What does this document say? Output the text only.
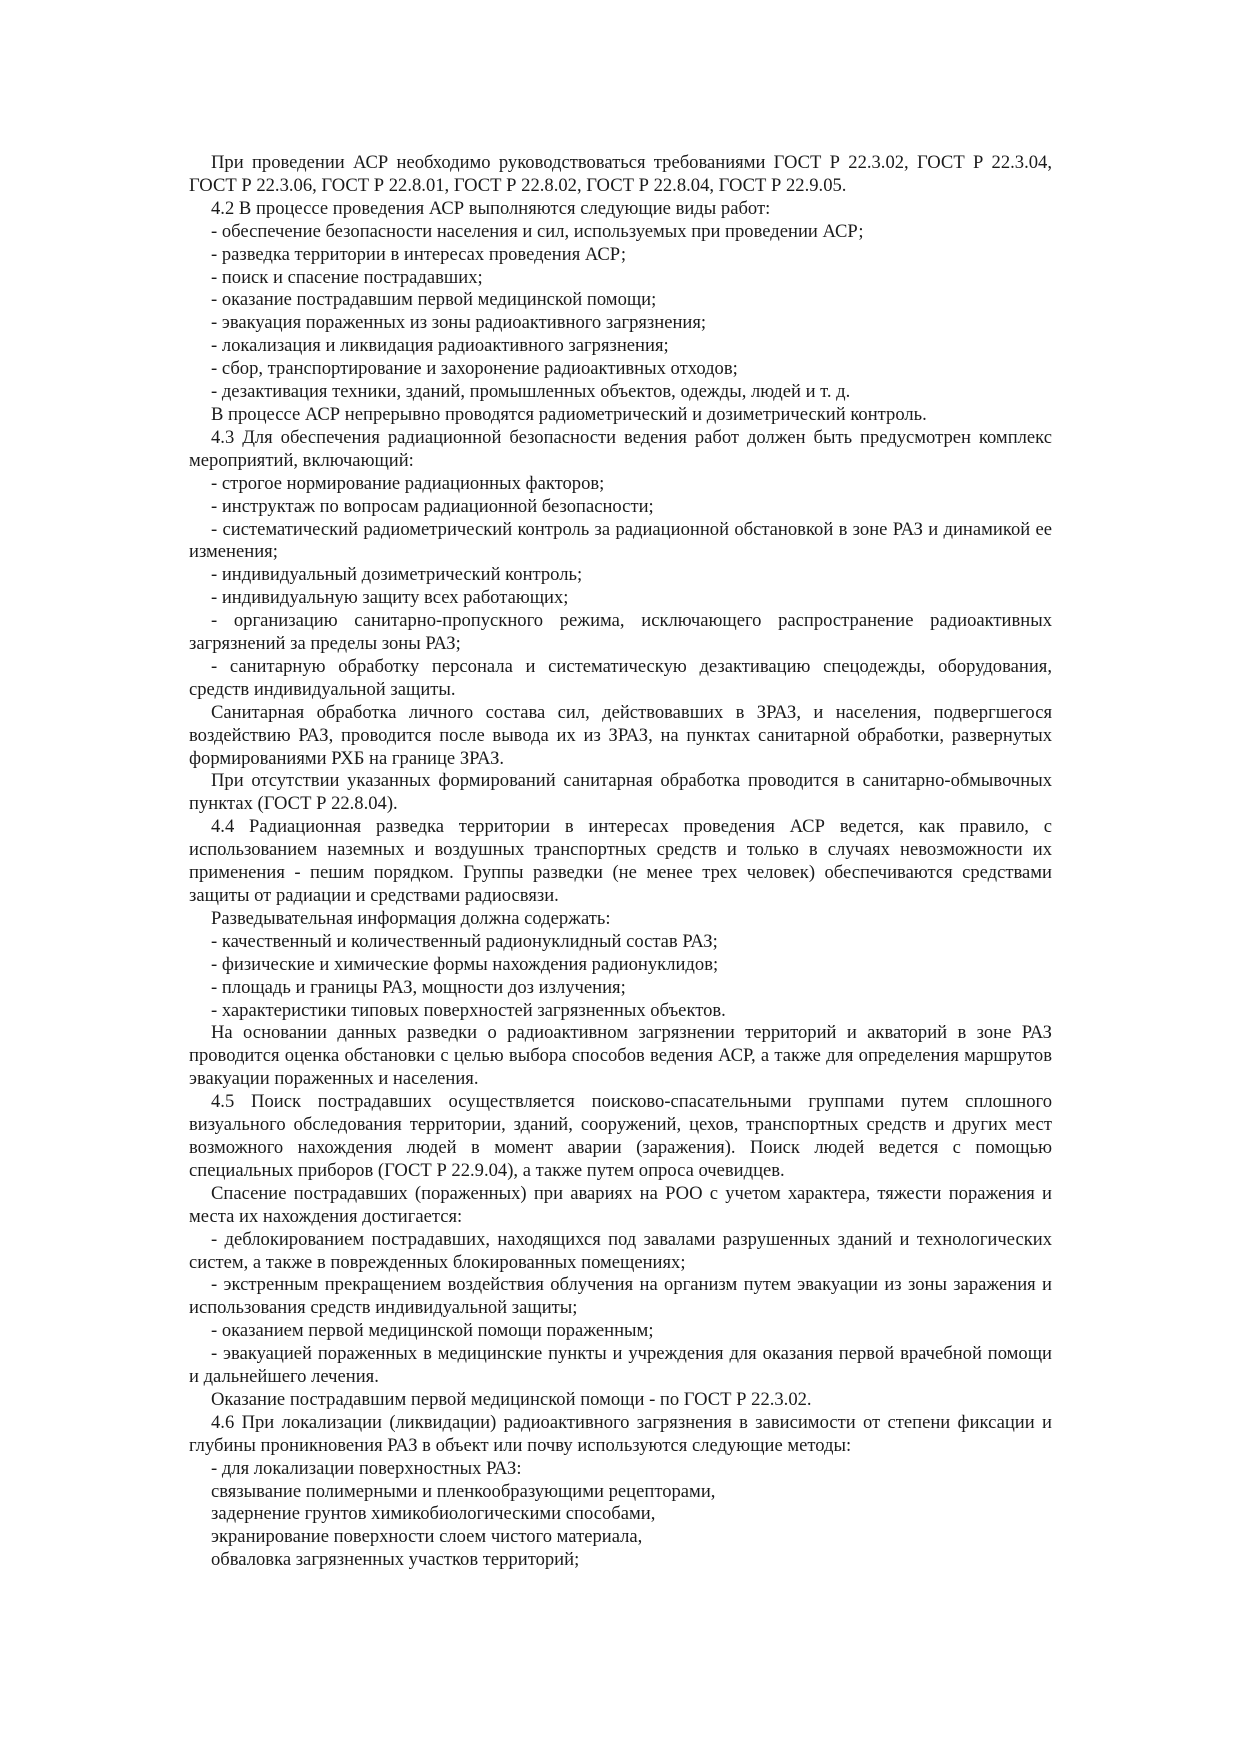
При проведении АСР необходимо руководствоваться требованиями ГОСТ Р 22.3.02, ГОСТ Р 22.3.04, ГОСТ Р 22.3.06, ГОСТ Р 22.8.01, ГОСТ Р 22.8.02, ГОСТ Р 22.8.04, ГОСТ Р 22.9.05.

4.2 В процессе проведения АСР выполняются следующие виды работ:

- обеспечение безопасности населения и сил, используемых при проведении АСР;

- разведка территории в интересах проведения АСР;

- поиск и спасение пострадавших;

- оказание пострадавшим первой медицинской помощи;

- эвакуация пораженных из зоны радиоактивного загрязнения;

- локализация и ликвидация радиоактивного загрязнения;

- сбор, транспортирование и захоронение радиоактивных отходов;

- дезактивация техники, зданий, промышленных объектов, одежды, людей и т. д.

В процессе АСР непрерывно проводятся радиометрический и дозиметрический контроль.

4.3 Для обеспечения радиационной безопасности ведения работ должен быть предусмотрен комплекс мероприятий, включающий:

- строгое нормирование радиационных факторов;

- инструктаж по вопросам радиационной безопасности;

- систематический радиометрический контроль за радиационной обстановкой в зоне РАЗ и динамикой ее изменения;

- индивидуальный дозиметрический контроль;

- индивидуальную защиту всех работающих;

- организацию санитарно-пропускного режима, исключающего распространение радиоактивных загрязнений за пределы зоны РАЗ;

- санитарную обработку персонала и систематическую дезактивацию спецодежды, оборудования, средств индивидуальной защиты.

Санитарная обработка личного состава сил, действовавших в ЗРАЗ, и населения, подвергшегося воздействию РАЗ, проводится после вывода их из ЗРАЗ, на пунктах санитарной обработки, развернутых формированиями РХБ на границе ЗРАЗ.

При отсутствии указанных формирований санитарная обработка проводится в санитарно-обмывочных пунктах (ГОСТ Р 22.8.04).

4.4 Радиационная разведка территории в интересах проведения АСР ведется, как правило, с использованием наземных и воздушных транспортных средств и только в случаях невозможности их применения - пешим порядком. Группы разведки (не менее трех человек) обеспечиваются средствами защиты от радиации и средствами радиосвязи.

Разведывательная информация должна содержать:

- качественный и количественный радионуклидный состав РАЗ;

- физические и химические формы нахождения радионуклидов;

- площадь и границы РАЗ, мощности доз излучения;

- характеристики типовых поверхностей загрязненных объектов.

На основании данных разведки о радиоактивном загрязнении территорий и акваторий в зоне РАЗ проводится оценка обстановки с целью выбора способов ведения АСР, а также для определения маршрутов эвакуации пораженных и населения.

4.5 Поиск пострадавших осуществляется поисково-спасательными группами путем сплошного визуального обследования территории, зданий, сооружений, цехов, транспортных средств и других мест возможного нахождения людей в момент аварии (заражения). Поиск людей ведется с помощью специальных приборов (ГОСТ Р 22.9.04), а также путем опроса очевидцев.

Спасение пострадавших (пораженных) при авариях на РОО с учетом характера, тяжести поражения и места их нахождения достигается:

- деблокированием пострадавших, находящихся под завалами разрушенных зданий и технологических систем, а также в поврежденных блокированных помещениях;

- экстренным прекращением воздействия облучения на организм путем эвакуации из зоны заражения и использования средств индивидуальной защиты;

- оказанием первой медицинской помощи пораженным;

- эвакуацией пораженных в медицинские пункты и учреждения для оказания первой врачебной помощи и дальнейшего лечения.

Оказание пострадавшим первой медицинской помощи - по ГОСТ Р 22.3.02.

4.6 При локализации (ликвидации) радиоактивного загрязнения в зависимости от степени фиксации и глубины проникновения РАЗ в объект или почву используются следующие методы:

- для локализации поверхностных РАЗ:

связывание полимерными и пленкообразующими рецепторами,

задернение грунтов химикобиологическими способами,

экранирование поверхности слоем чистого материала,

обваловка загрязненных участков территорий;
